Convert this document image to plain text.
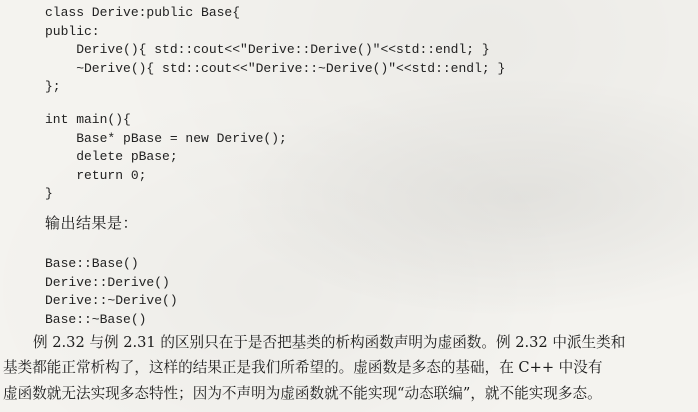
class Derive:public Base{
public:
Derive(){ std::cout<<"Derive::Derive()"<<std::endl; }
~Derive(){ std::cout<<"Derive::~Derive()"<<std::endl; }
};
int main(){
Base* pBase = new Derive();
delete pBase;
return 0;
}
输出结果是：
Base::Base()
Derive::Derive()
Derive::~Derive()
Base::~Base()
例 2.32 与例 2.31 的区别只在于是否把基类的析构函数声明为虚函数。例 2.32 中派生类和
基类都能正常析构了，这样的结果正是我们所希望的。虚函数是多态的基础，在 C++ 中没有
虚函数就无法实现多态特性；因为不声明为虚函数就不能实现“动态联编”，就不能实现多态。
